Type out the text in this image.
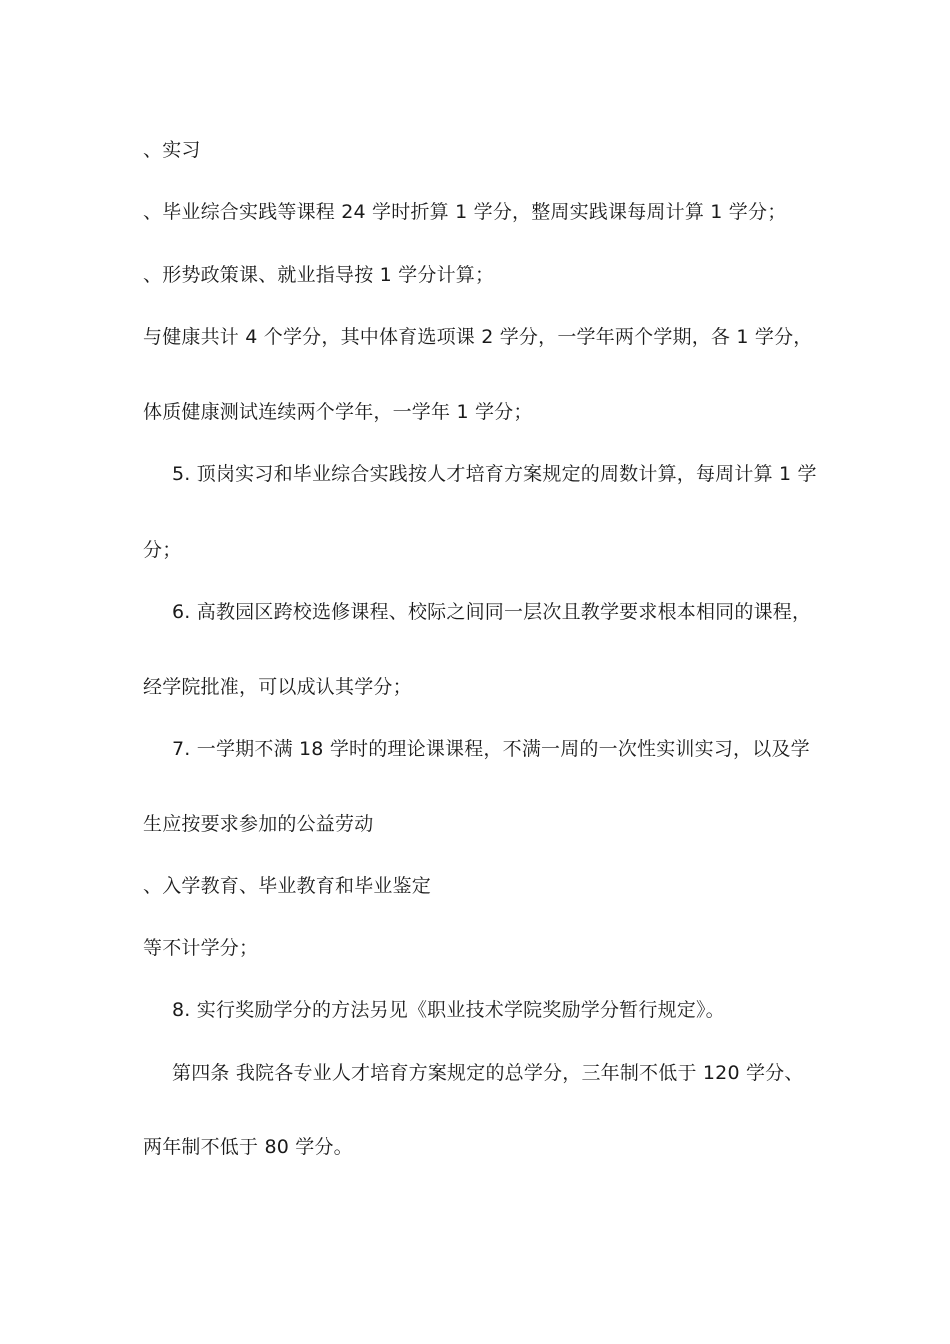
、实习
、毕业综合实践等课程 24 学时折算 1 学分，整周实践课每周计算 1 学分；
、形势政策课、就业指导按 1 学分计算；
与健康共计 4 个学分，其中体育选项课 2 学分，一学年两个学期，各 1 学分，
体质健康测试连续两个学年，一学年 1 学分；
5. 顶岗实习和毕业综合实践按人才培育方案规定的周数计算，每周计算 1 学
分；
6. 高教园区跨校选修课程、校际之间同一层次且教学要求根本相同的课程，
经学院批准，可以成认其学分；
7. 一学期不满 18 学时的理论课课程，不满一周的一次性实训实习，以及学
生应按要求参加的公益劳动
、入学教育、毕业教育和毕业鉴定
等不计学分；
8. 实行奖励学分的方法另见《职业技术学院奖励学分暂行规定》。
第四条 我院各专业人才培育方案规定的总学分，三年制不低于 120 学分、
两年制不低于 80 学分。
